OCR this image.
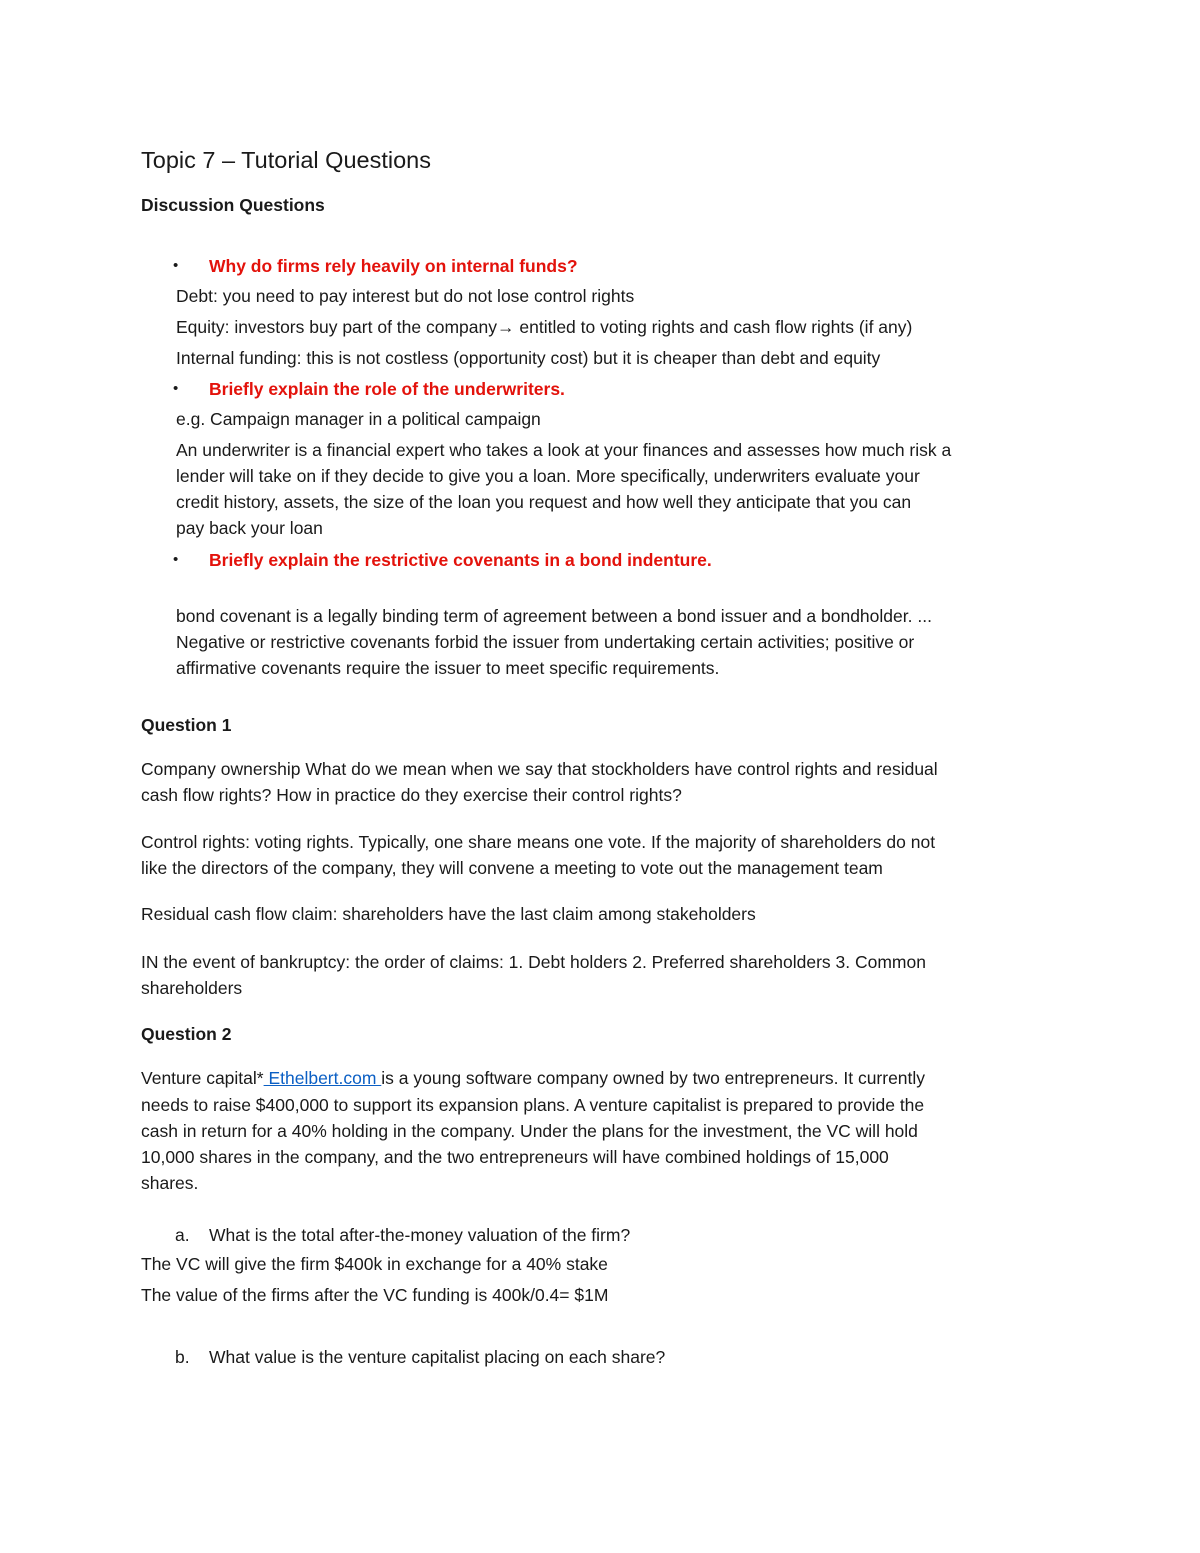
Topic 7 – Tutorial Questions
Discussion Questions
• Why do firms rely heavily on internal funds?
Debt: you need to pay interest but do not lose control rights
Equity: investors buy part of the company→ entitled to voting rights and cash flow rights (if any)
Internal funding: this is not costless (opportunity cost) but it is cheaper than debt and equity
• Briefly explain the role of the underwriters.
e.g. Campaign manager in a political campaign
An underwriter is a financial expert who takes a look at your finances and assesses how much risk a
lender will take on if they decide to give you a loan. More specifically, underwriters evaluate your
credit history, assets, the size of the loan you request and how well they anticipate that you can
pay back your loan
• Briefly explain the restrictive covenants in a bond indenture.
bond covenant is a legally binding term of agreement between a bond issuer and a bondholder. ...
Negative or restrictive covenants forbid the issuer from undertaking certain activities; positive or
affirmative covenants require the issuer to meet specific requirements.
Question 1
Company ownership What do we mean when we say that stockholders have control rights and residual
cash flow rights? How in practice do they exercise their control rights?
Control rights: voting rights. Typically, one share means one vote. If the majority of shareholders do not
like the directors of the company, they will convene a meeting to vote out the management team
Residual cash flow claim: shareholders have the last claim among stakeholders
IN the event of bankruptcy: the order of claims: 1. Debt holders 2. Preferred shareholders 3. Common
shareholders
Question 2
Venture capital* Ethelbert.com is a young software company owned by two entrepreneurs. It currently
needs to raise $400,000 to support its expansion plans. A venture capitalist is prepared to provide the
cash in return for a 40% holding in the company. Under the plans for the investment, the VC will hold
10,000 shares in the company, and the two entrepreneurs will have combined holdings of 15,000
shares.
a. What is the total after-the-money valuation of the firm?
The VC will give the firm $400k in exchange for a 40% stake
The value of the firms after the VC funding is 400k/0.4= $1M
b. What value is the venture capitalist placing on each share?
